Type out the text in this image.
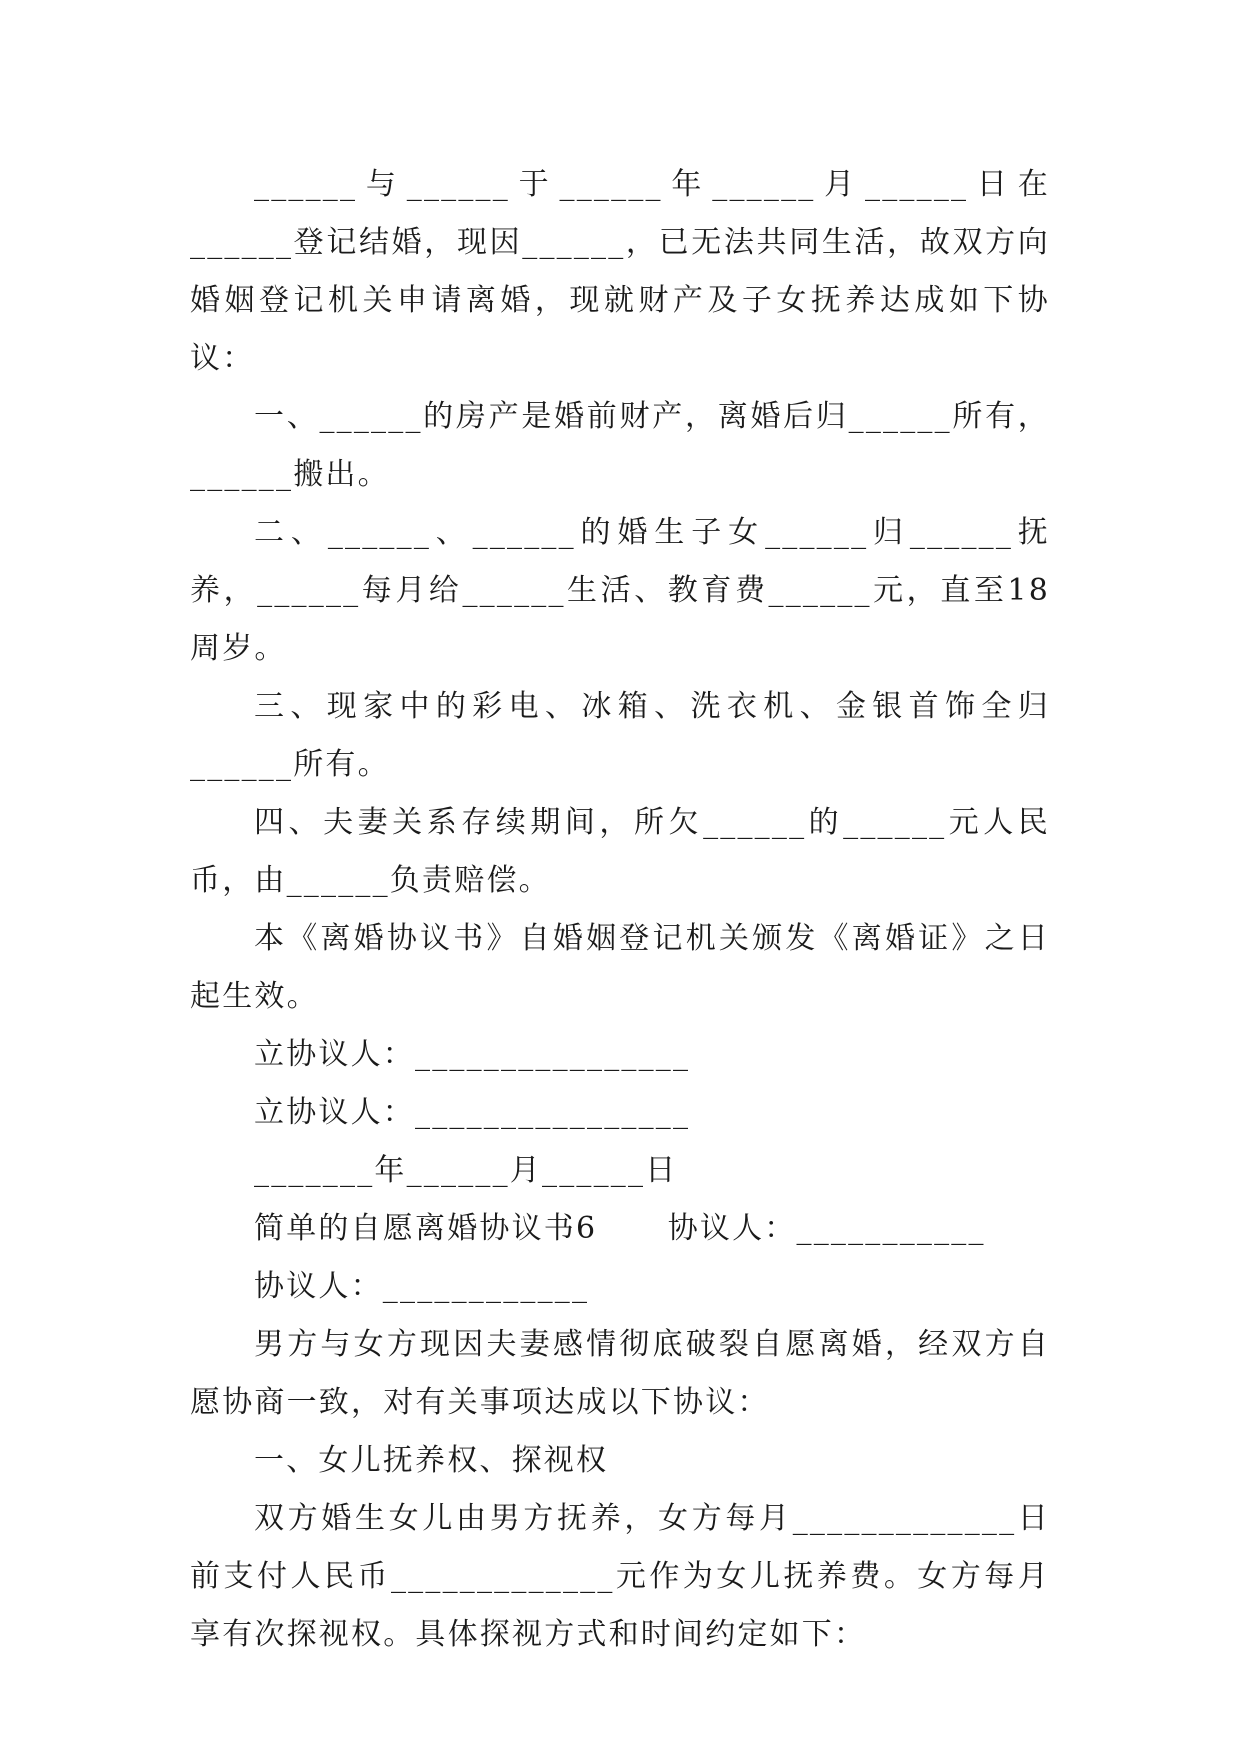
______与______于______年______月______日在______登记结婚，现因______，已无法共同生活，故双方向婚姻登记机关申请离婚，现就财产及子女抚养达成如下协议：

一、______的房产是婚前财产，离婚后归______所有，______搬出。

二、______、______的婚生子女______归______抚养，______每月给______生活、教育费______元，直至18周岁。

三、现家中的彩电、冰箱、洗衣机、金银首饰全归______所有。

四、夫妻关系存续期间，所欠______的______元人民币，由______负责赔偿。

本《离婚协议书》自婚姻登记机关颁发《离婚证》之日起生效。

立协议人：________________

立协议人：________________

_______年______月______日

简单的自愿离婚协议书6      协议人：___________

协议人：____________

男方与女方现因夫妻感情彻底破裂自愿离婚，经双方自愿协商一致，对有关事项达成以下协议：

一、女儿抚养权、探视权

双方婚生女儿由男方抚养，女方每月_____________日前支付人民币_____________元作为女儿抚养费。女方每月享有次探视权。具体探视方式和时间约定如下：
